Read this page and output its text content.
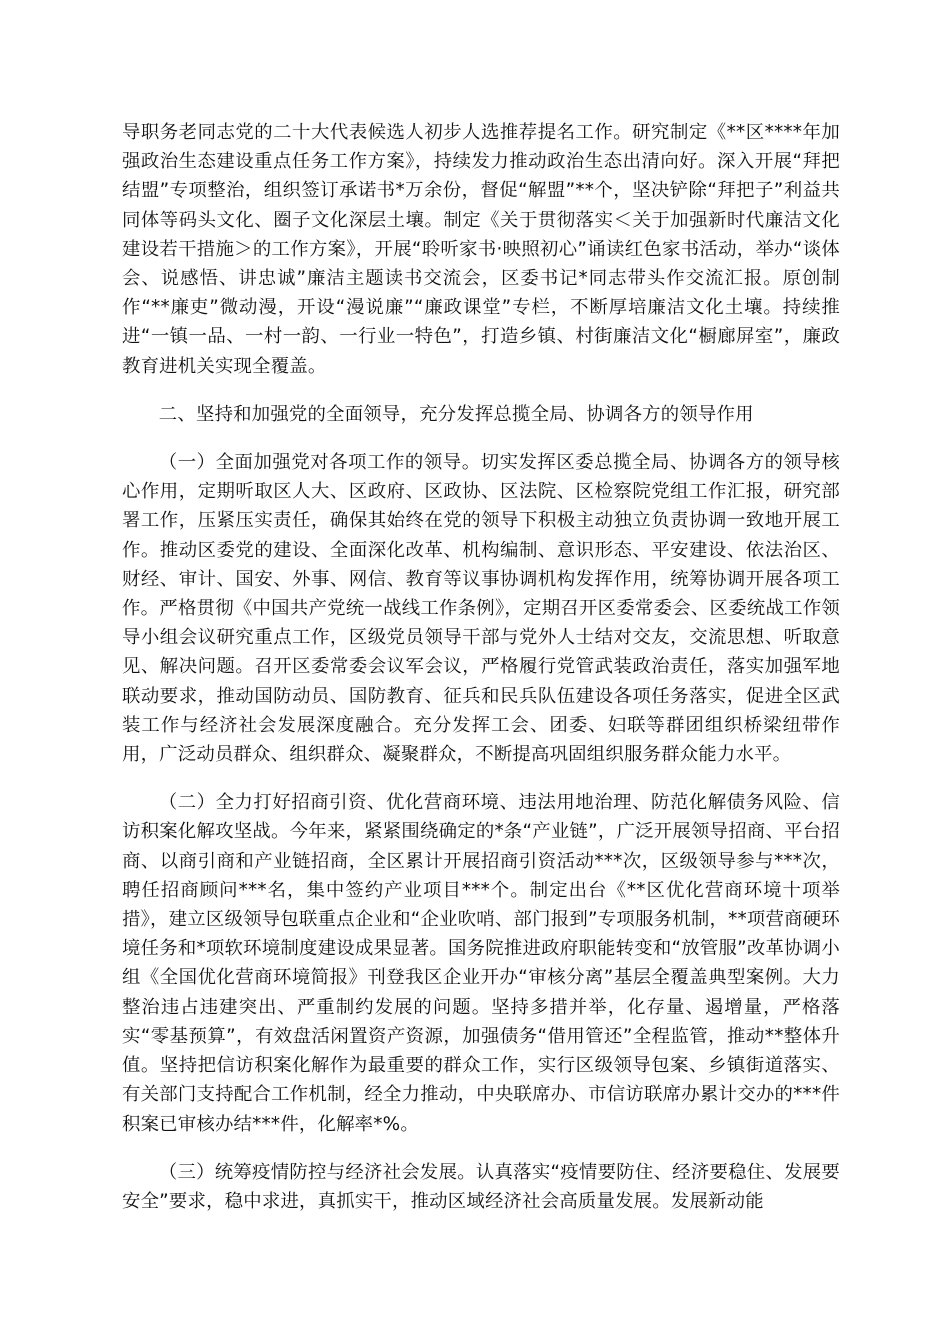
导职务老同志党的二十大代表候选人初步人选推荐提名工作。研究制定《**区****年加强政治生态建设重点任务工作方案》，持续发力推动政治生态出清向好。深入开展“拜把结盟”专项整治，组织签订承诺书*万余份，督促“解盟”**个，坚决铲除“拜把子”利益共同体等码头文化、圈子文化深层土壤。制定《关于贯彻落实＜关于加强新时代廉洁文化建设若干措施＞的工作方案》，开展“聆听家书·映照初心”诵读红色家书活动，举办“谈体会、说感悟、讲忠诚”廉洁主题读书交流会，区委书记*同志带头作交流汇报。原创制作“**廉吏”微动漫，开设“漫说廉”“廉政课堂”专栏，不断厚培廉洁文化土壤。持续推进“一镇一品、一村一韵、一行业一特色”，打造乡镇、村街廉洁文化“橱廊屏室”，廉政教育进机关实现全覆盖。

二、坚持和加强党的全面领导，充分发挥总揽全局、协调各方的领导作用

（一）全面加强党对各项工作的领导。切实发挥区委总揽全局、协调各方的领导核心作用，定期听取区人大、区政府、区政协、区法院、区检察院党组工作汇报，研究部署工作，压紧压实责任，确保其始终在党的领导下积极主动独立负责协调一致地开展工作。推动区委党的建设、全面深化改革、机构编制、意识形态、平安建设、依法治区、财经、审计、国安、外事、网信、教育等议事协调机构发挥作用，统筹协调开展各项工作。严格贯彻《中国共产党统一战线工作条例》，定期召开区委常委会、区委统战工作领导小组会议研究重点工作，区级党员领导干部与党外人士结对交友，交流思想、听取意见、解决问题。召开区委常委会议军会议，严格履行党管武装政治责任，落实加强军地联动要求，推动国防动员、国防教育、征兵和民兵队伍建设各项任务落实，促进全区武装工作与经济社会发展深度融合。充分发挥工会、团委、妇联等群团组织桥梁纽带作用，广泛动员群众、组织群众、凝聚群众，不断提高巩固组织服务群众能力水平。

（二）全力打好招商引资、优化营商环境、违法用地治理、防范化解债务风险、信访积案化解攻坚战。今年来，紧紧围绕确定的*条“产业链”，广泛开展领导招商、平台招商、以商引商和产业链招商，全区累计开展招商引资活动***次，区级领导参与***次，聘任招商顾问***名，集中签约产业项目***个。制定出台《**区优化营商环境十项举措》，建立区级领导包联重点企业和“企业吹哨、部门报到”专项服务机制，**项营商硬环境任务和*项软环境制度建设成果显著。国务院推进政府职能转变和“放管服”改革协调小组《全国优化营商环境简报》刊登我区企业开办“审核分离”基层全覆盖典型案例。大力整治违占违建突出、严重制约发展的问题。坚持多措并举，化存量、遏增量，严格落实“零基预算”，有效盘活闲置资产资源，加强债务“借用管还”全程监管，推动**整体升值。坚持把信访积案化解作为最重要的群众工作，实行区级领导包案、乡镇街道落实、有关部门支持配合工作机制，经全力推动，中央联席办、市信访联席办累计交办的***件积案已审核办结***件，化解率*%。

（三）统筹疫情防控与经济社会发展。认真落实“疫情要防住、经济要稳住、发展要安全”要求，稳中求进，真抓实干，推动区域经济社会高质量发展。发展新动能
